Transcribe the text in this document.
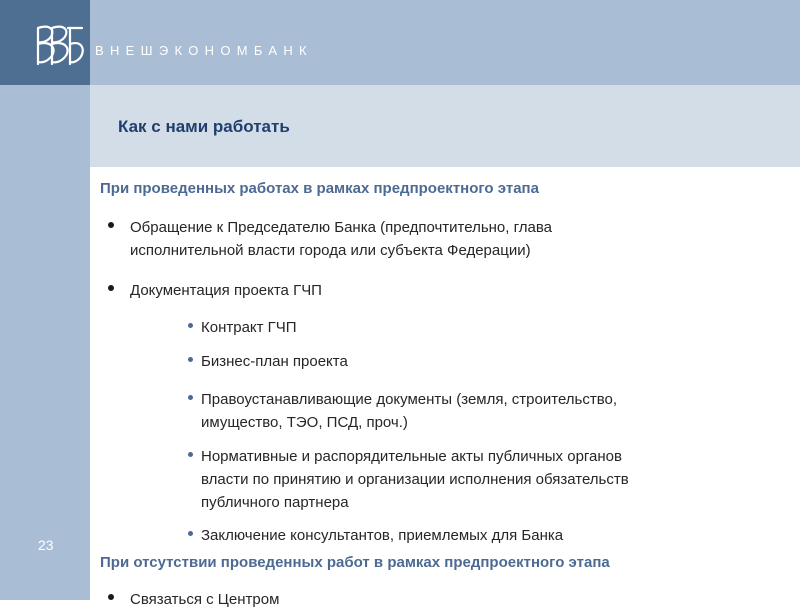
ВНЕШЭКОНОМБАНК
Как с нами работать
23
При проведенных работах в рамках предпроектного этапа
Обращение к Председателю Банка (предпочтительно, глава
исполнительной власти города или субъекта Федерации)
Документация проекта ГЧП
Контракт ГЧП
Бизнес-план проекта
Правоустанавливающие документы (земля, строительство,
имущество, ТЭО, ПСД, проч.)
Нормативные и распорядительные акты публичных органов
власти по принятию и организации исполнения обязательств
публичного партнера
Заключение консультантов, приемлемых для Банка
При отсутствии проведенных работ в рамках предпроектного этапа
Связаться с Центром
